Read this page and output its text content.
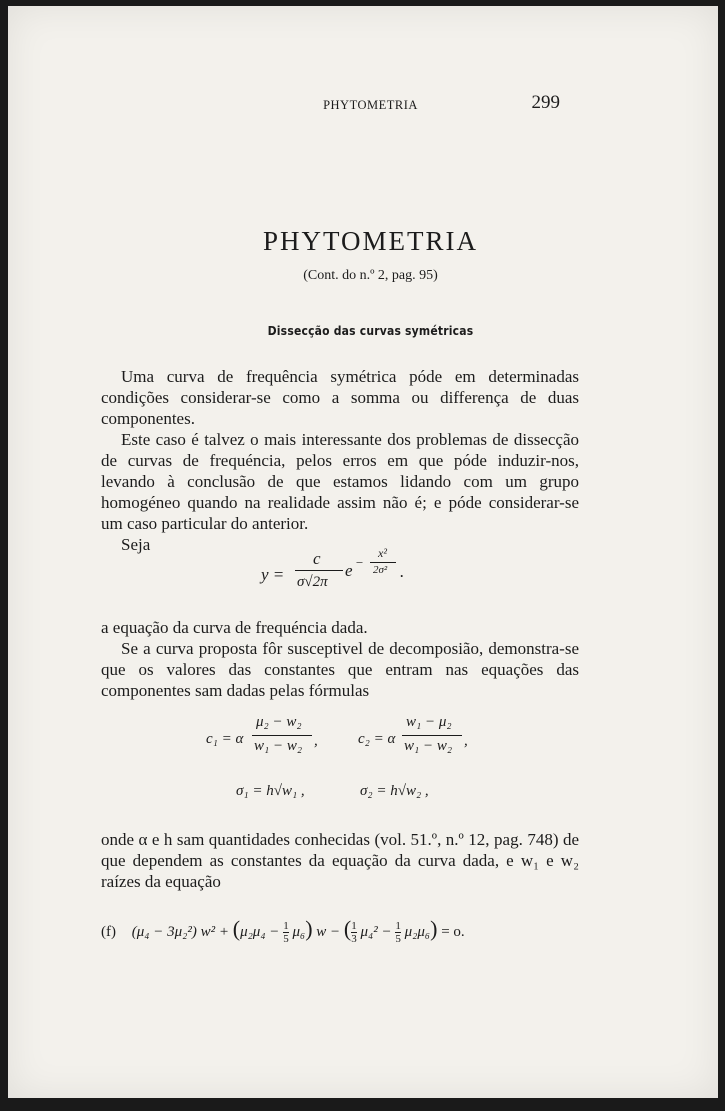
PHYTOMETRIA	299
PHYTOMETRIA
(Cont. do n.º 2, pag. 95)
Dissecção das curvas symétricas

Uma curva de frequência symétrica póde em determinadas condições considerar-se como a somma ou differença de duas componentes.

Este caso é talvez o mais interessante dos problemas de dissecção de curvas de frequéncia, pelos erros em que póde induzir-nos, levando à conclusão de que estamos lidando com um grupo homogéneo quando na realidade assim não é; e póde considerar-se um caso particular do anterior.

Seja

y =
c
σ√2π
e −
x²
2σ² .

a equação da curva de frequéncia dada.

Se a curva proposta fôr susceptivel de decomposião, demonstra-se que os valores das constantes que entram nas equações das componentes sam dadas pelas fórmulas

c₁ = α
μ₂ − w₂
w₁ − w₂ ,	c₂ = α
w₁ − μ₂
w₁ − w₂ ,
σ₁ = h√w₁ ,	σ₂ = h√w₂ ,

onde α e h sam quantidades conhecidas (vol. 51.º, n.º 12, pag. 748) de que dependem as constantes da equação da curva dada, e w₁ e w₂ raízes da equação

(f) (μ₄ − 3μ₂²) $w^2 + (\mu_2\mu_4 - \frac{1}{5} \mu_6)$ w − ( $\frac{1}{3} \mu_4^2 - \frac{1}{5} \mu_2\mu_6) = o$.
